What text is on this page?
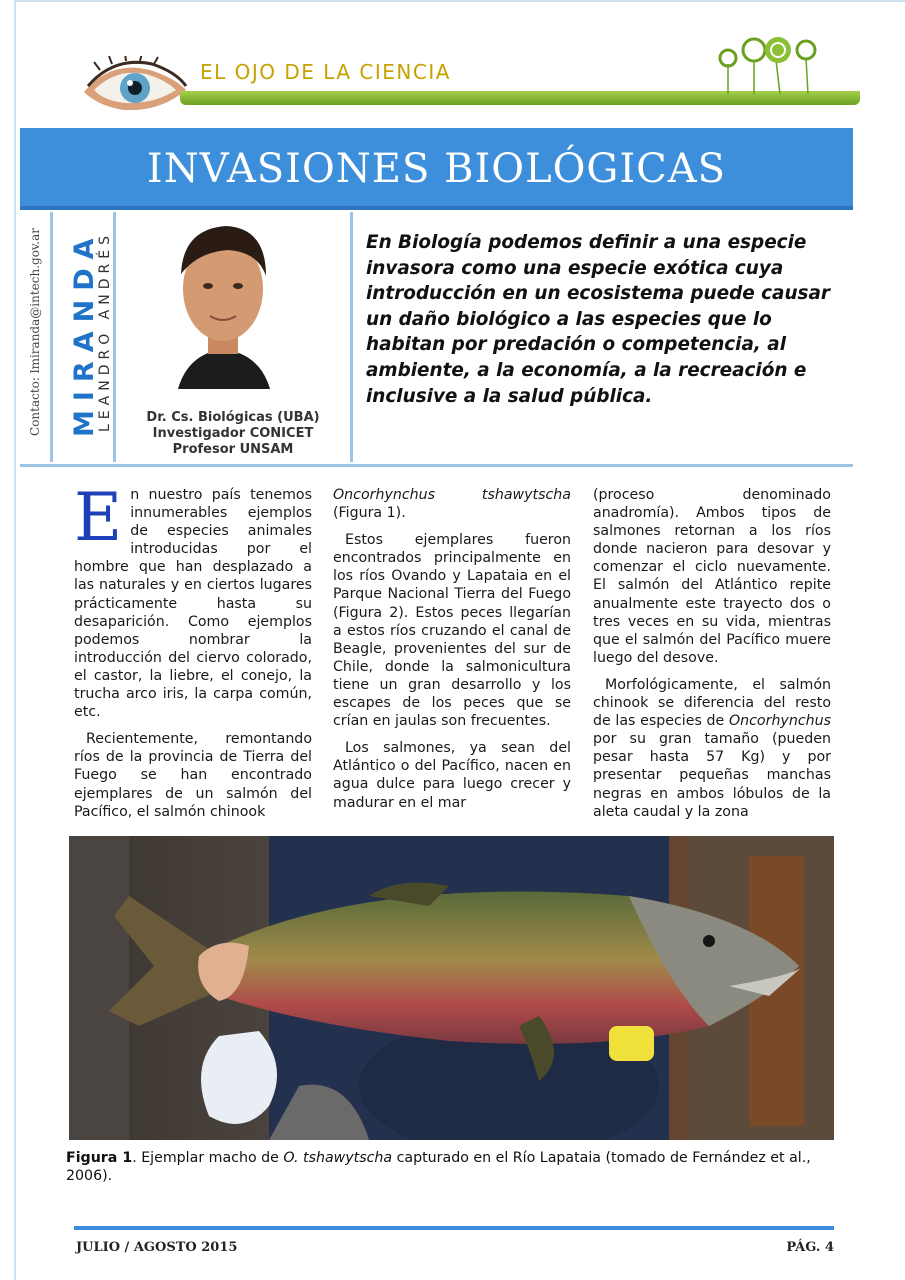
EL OJO DE LA CIENCIA
INVASIONES BIOLÓGICAS
Contacto: lmiranda@intech.gov.ar MIRANDA
LEANDRO ANDRÉS	Dr. Cs. Biológicas (UBA)
Investigador CONICET
Profesor UNSAM
En Biología podemos definir a una especie invasora como una especie exótica cuya introducción en un ecosistema puede causar un daño biológico a las especies que lo habitan por predación o competencia, al ambiente, a la economía, a la recreación e inclusive a la salud pública.

En nuestro país tenemos innumerables ejemplos de especies animales introducidas por el hombre que han desplazado a las naturales y en ciertos lugares prácticamente hasta su desaparición. Como ejemplos podemos nombrar la introducción del ciervo colorado, el castor, la liebre, el conejo, la trucha arco iris, la carpa común, etc.

Recientemente, remontando ríos de la provincia de Tierra del Fuego se han encontrado ejemplares de un salmón del Pacífico, el salmón chinook

Oncorhynchus tshawytscha (Figura 1).

Estos ejemplares fueron encontrados principalmente en los ríos Ovando y Lapataia en el Parque Nacional Tierra del Fuego (Figura 2). Estos peces llegarían a estos ríos cruzando el canal de Beagle, provenientes del sur de Chile, donde la salmonicultura tiene un gran desarrollo y los escapes de los peces que se crían en jaulas son frecuentes.

Los salmones, ya sean del Atlántico o del Pacífico, nacen en agua dulce para luego crecer y madurar en el mar

(proceso denominado anadromía). Ambos tipos de salmones retornan a los ríos donde nacieron para desovar y comenzar el ciclo nuevamente. El salmón del Atlántico repite anualmente este trayecto dos o tres veces en su vida, mientras que el salmón del Pacífico muere luego del desove.

Morfológicamente, el salmón chinook se diferencia del resto de las especies de Oncorhynchus por su gran tamaño (pueden pesar hasta 57 Kg) y por presentar pequeñas manchas negras en ambos lóbulos de la aleta caudal y la zona

Figura 1. Ejemplar macho de O. tshawytscha capturado en el Río Lapataia (tomado de Fernández et al., 2006).
JULIO / AGOSTO 2015	PÁG. 4
